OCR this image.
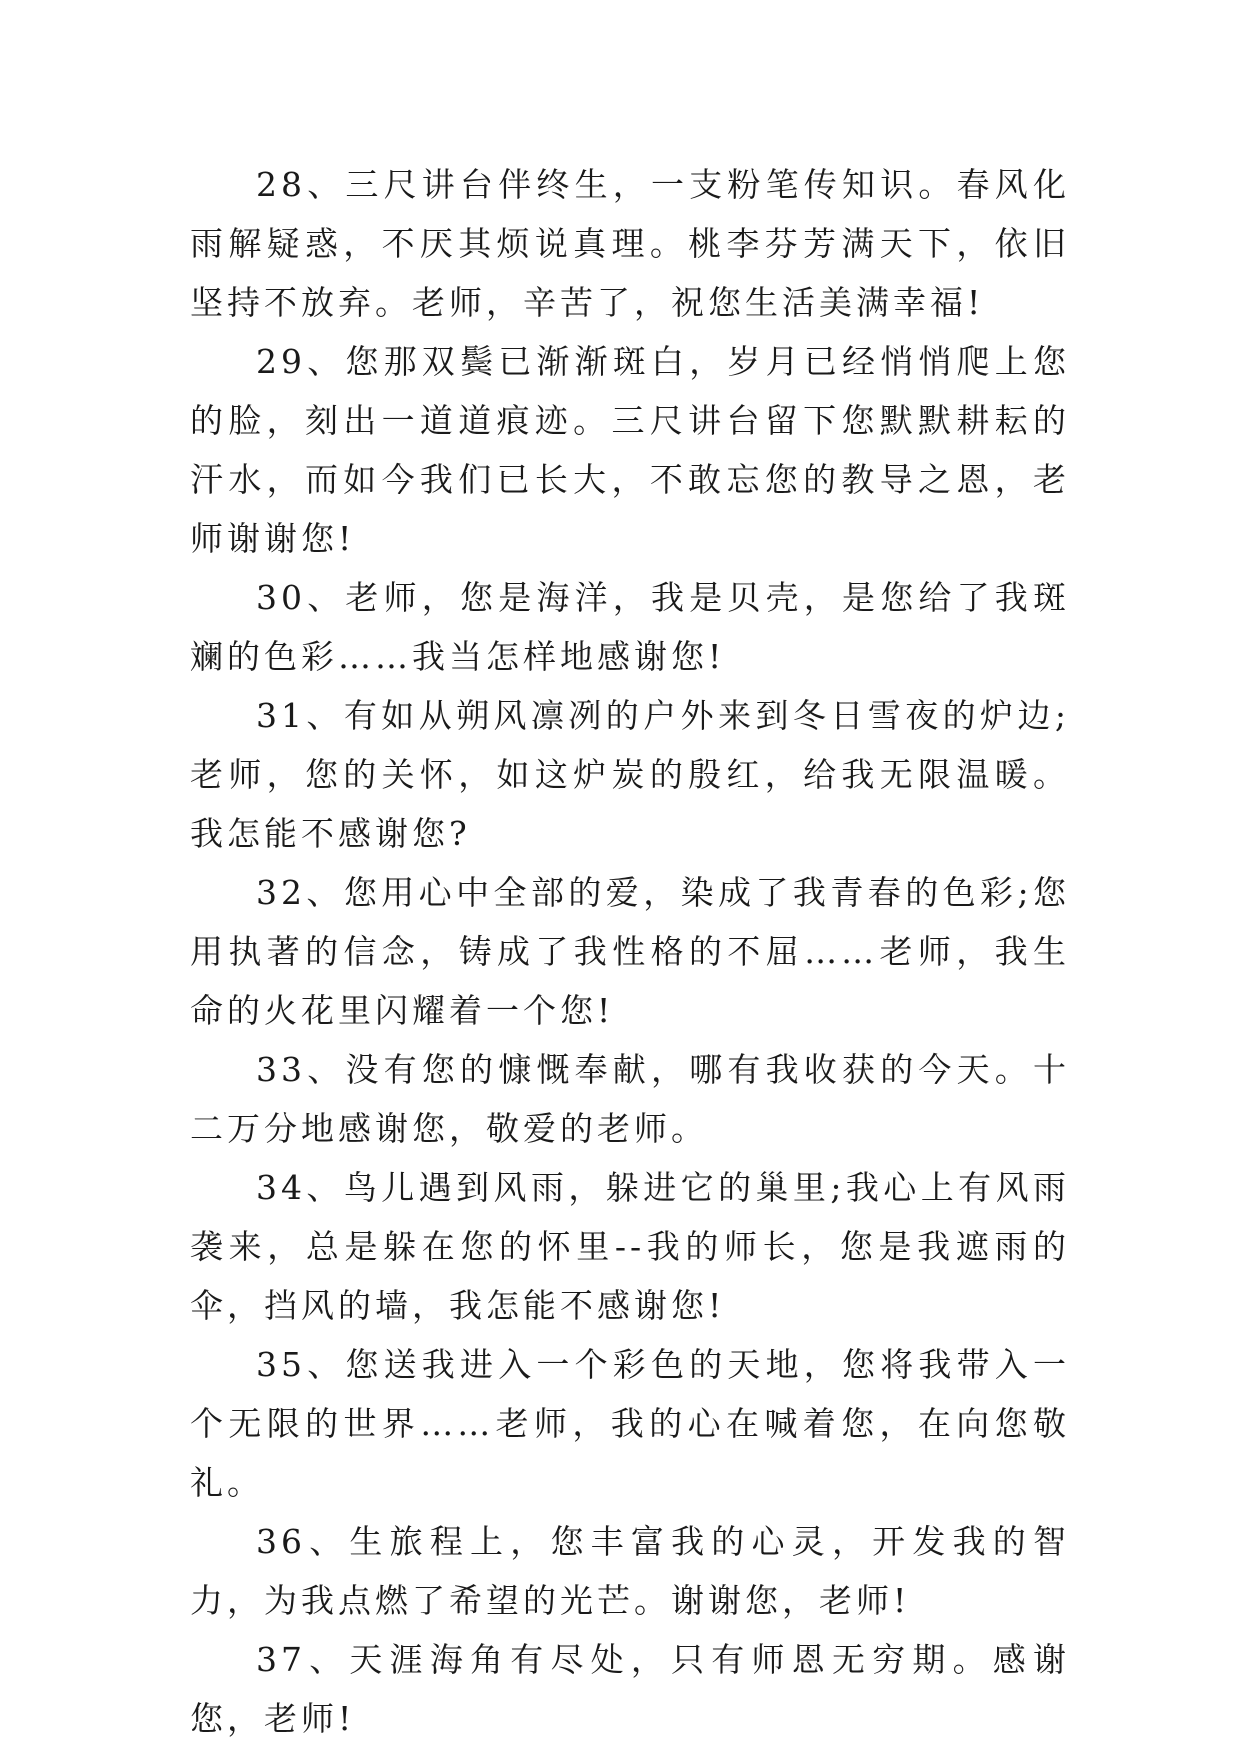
28、三尺讲台伴终生，一支粉笔传知识。春风化雨解疑惑，不厌其烦说真理。桃李芬芳满天下，依旧坚持不放弃。老师，辛苦了，祝您生活美满幸福!

29、您那双鬓已渐渐斑白，岁月已经悄悄爬上您的脸，刻出一道道痕迹。三尺讲台留下您默默耕耘的汗水，而如今我们已长大，不敢忘您的教导之恩，老师谢谢您!

30、老师，您是海洋，我是贝壳，是您给了我斑斓的色彩……我当怎样地感谢您!

31、有如从朔风凛冽的户外来到冬日雪夜的炉边;老师，您的关怀，如这炉炭的殷红，给我无限温暖。我怎能不感谢您?

32、您用心中全部的爱，染成了我青春的色彩;您用执著的信念，铸成了我性格的不屈……老师，我生命的火花里闪耀着一个您!

33、没有您的慷慨奉献，哪有我收获的今天。十二万分地感谢您，敬爱的老师。

34、鸟儿遇到风雨，躲进它的巢里;我心上有风雨袭来，总是躲在您的怀里--我的师长，您是我遮雨的伞，挡风的墙，我怎能不感谢您!

35、您送我进入一个彩色的天地，您将我带入一个无限的世界……老师，我的心在喊着您，在向您敬礼。

36、生旅程上，您丰富我的心灵，开发我的智力，为我点燃了希望的光芒。谢谢您，老师!

37、天涯海角有尽处，只有师恩无穷期。感谢您，老师!
